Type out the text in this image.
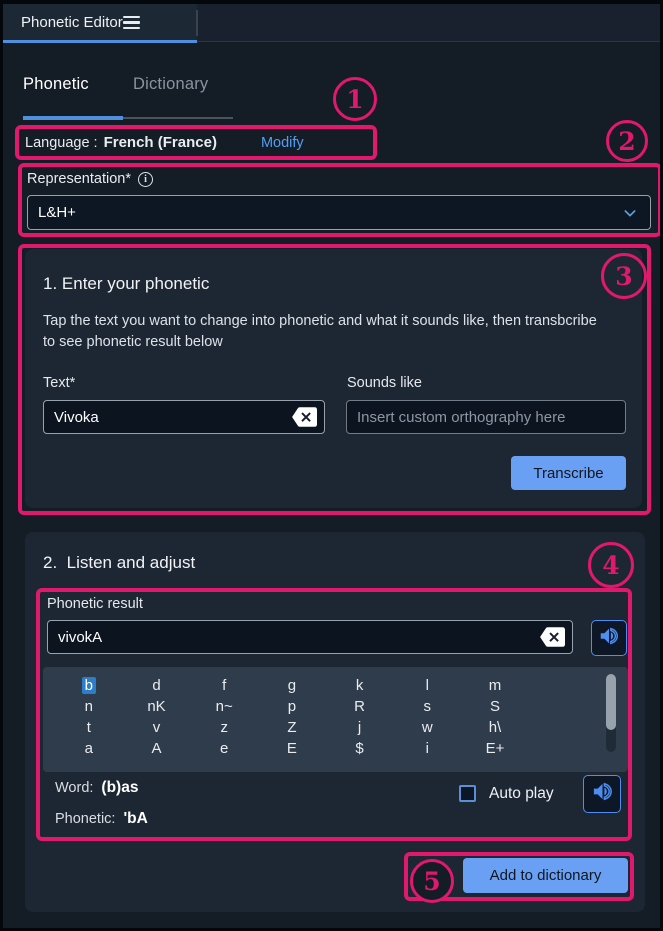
Phonetic Editor
Phonetic	Dictionary
Language : French (France)	Modify
Representation*	i
L&H+
1. Enter your phonetic
Tap the text you want to change into phonetic and what it sounds like, then transbcribe to see phonetic result below
Text*	Sounds like
Vivoka
Insert custom orthography here
Transcribe
2.  Listen and adjust
Phonetic result
vivokA
b	d	f	g	k	l	m
n	nK	n~	p	R	s	S
t	v	z	Z	j	w	h\
a	A	e	E	$	i	E+
Word: (b)as
Phonetic: 'bA
Auto play
Add to dictionary
1
2
3
4
5
